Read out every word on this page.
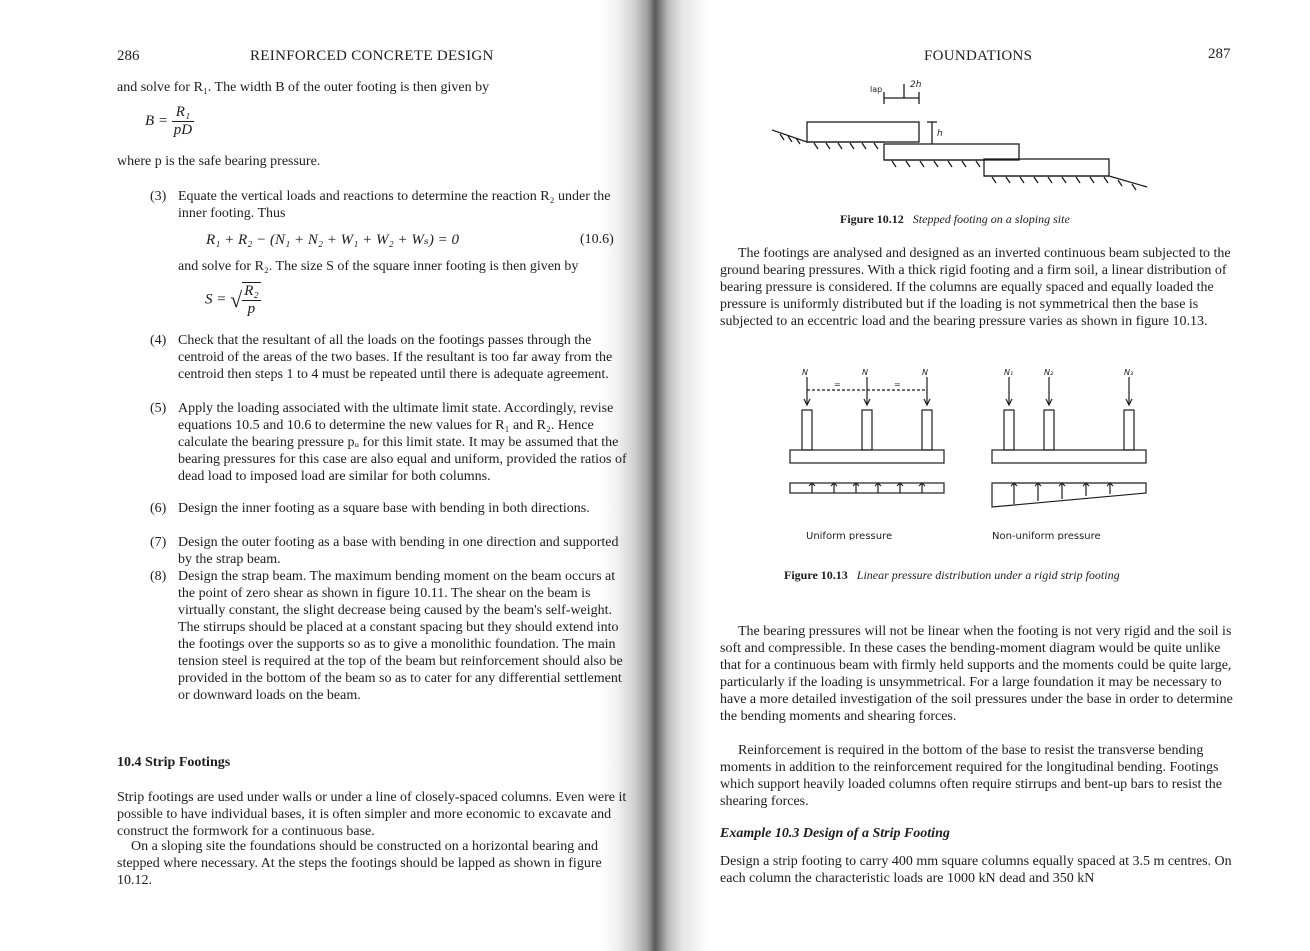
286	REINFORCED CONCRETE DESIGN
and solve for R₁. The width B of the outer footing is then given by
$B = \frac{\text{R₁}}{pD}$
where p is the safe bearing pressure.
(3) Equate the vertical loads and reactions to determine the reaction R₂ under the inner footing. Thus
R₁ + R₂ − (N₁ + N₂ + W₁ + W₂ + Wₛ) = 0	(10.6)
and solve for R₂. The size S of the square inner footing is then given by
S = √ $\frac{\text{R₂}}{p}$
(4) Check that the resultant of all the loads on the footings passes through the centroid of the areas of the two bases. If the resultant is too far away from the centroid then steps 1 to 4 must be repeated until there is adequate agreement.
(5) Apply the loading associated with the ultimate limit state. Accordingly, revise equations 10.5 and 10.6 to determine the new values for R₁ and R₂. Hence calculate the bearing pressure pᵤ for this limit state. It may be assumed that the bearing pressures for this case are also equal and uniform, provided the ratios of dead load to imposed load are similar for both columns.
(6) Design the inner footing as a square base with bending in both directions.
(7) Design the outer footing as a base with bending in one direction and supported by the strap beam.
(8) Design the strap beam. The maximum bending moment on the beam occurs at the point of zero shear as shown in figure 10.11. The shear on the beam is virtually constant, the slight decrease being caused by the beam's self-weight. The stirrups should be placed at a constant spacing but they should extend into the footings over the supports so as to give a monolithic foundation. The main tension steel is required at the top of the beam but reinforcement should also be provided in the bottom of the beam so as to cater for any differential settlement or downward loads on the beam.
10.4 Strip Footings
Strip footings are used under walls or under a line of closely-spaced columns. Even were it possible to have individual bases, it is often simpler and more economic to excavate and construct the formwork for a continuous base.
On a sloping site the foundations should be constructed on a horizontal bearing and stepped where necessary. At the steps the footings should be lapped as shown in figure 10.12.
FOUNDATIONS	287
lap	2h
h
Figure 10.12 Stepped footing on a sloping site
The footings are analysed and designed as an inverted continuous beam subjected to the ground bearing pressures. With a thick rigid footing and a firm soil, a linear distribution of bearing pressure is considered. If the columns are equally spaced and equally loaded the pressure is uniformly distributed but if the loading is not symmetrical then the base is subjected to an eccentric load and the bearing pressure varies as shown in figure 10.13.
N	N	N
=	=
N₁	N₂	N₃
Uniform pressure	Non-uniform pressure
Figure 10.13 Linear pressure distribution under a rigid strip footing
The bearing pressures will not be linear when the footing is not very rigid and the soil is soft and compressible. In these cases the bending-moment diagram would be quite unlike that for a continuous beam with firmly held supports and the moments could be quite large, particularly if the loading is unsymmetrical. For a large foundation it may be necessary to have a more detailed investigation of the soil pressures under the base in order to determine the bending moments and shearing forces.
Reinforcement is required in the bottom of the base to resist the transverse bending moments in addition to the reinforcement required for the longitudinal bending. Footings which support heavily loaded columns often require stirrups and bent-up bars to resist the shearing forces.
Example 10.3 Design of a Strip Footing
Design a strip footing to carry 400 mm square columns equally spaced at 3.5 m centres. On each column the characteristic loads are 1000 kN dead and 350 kN
